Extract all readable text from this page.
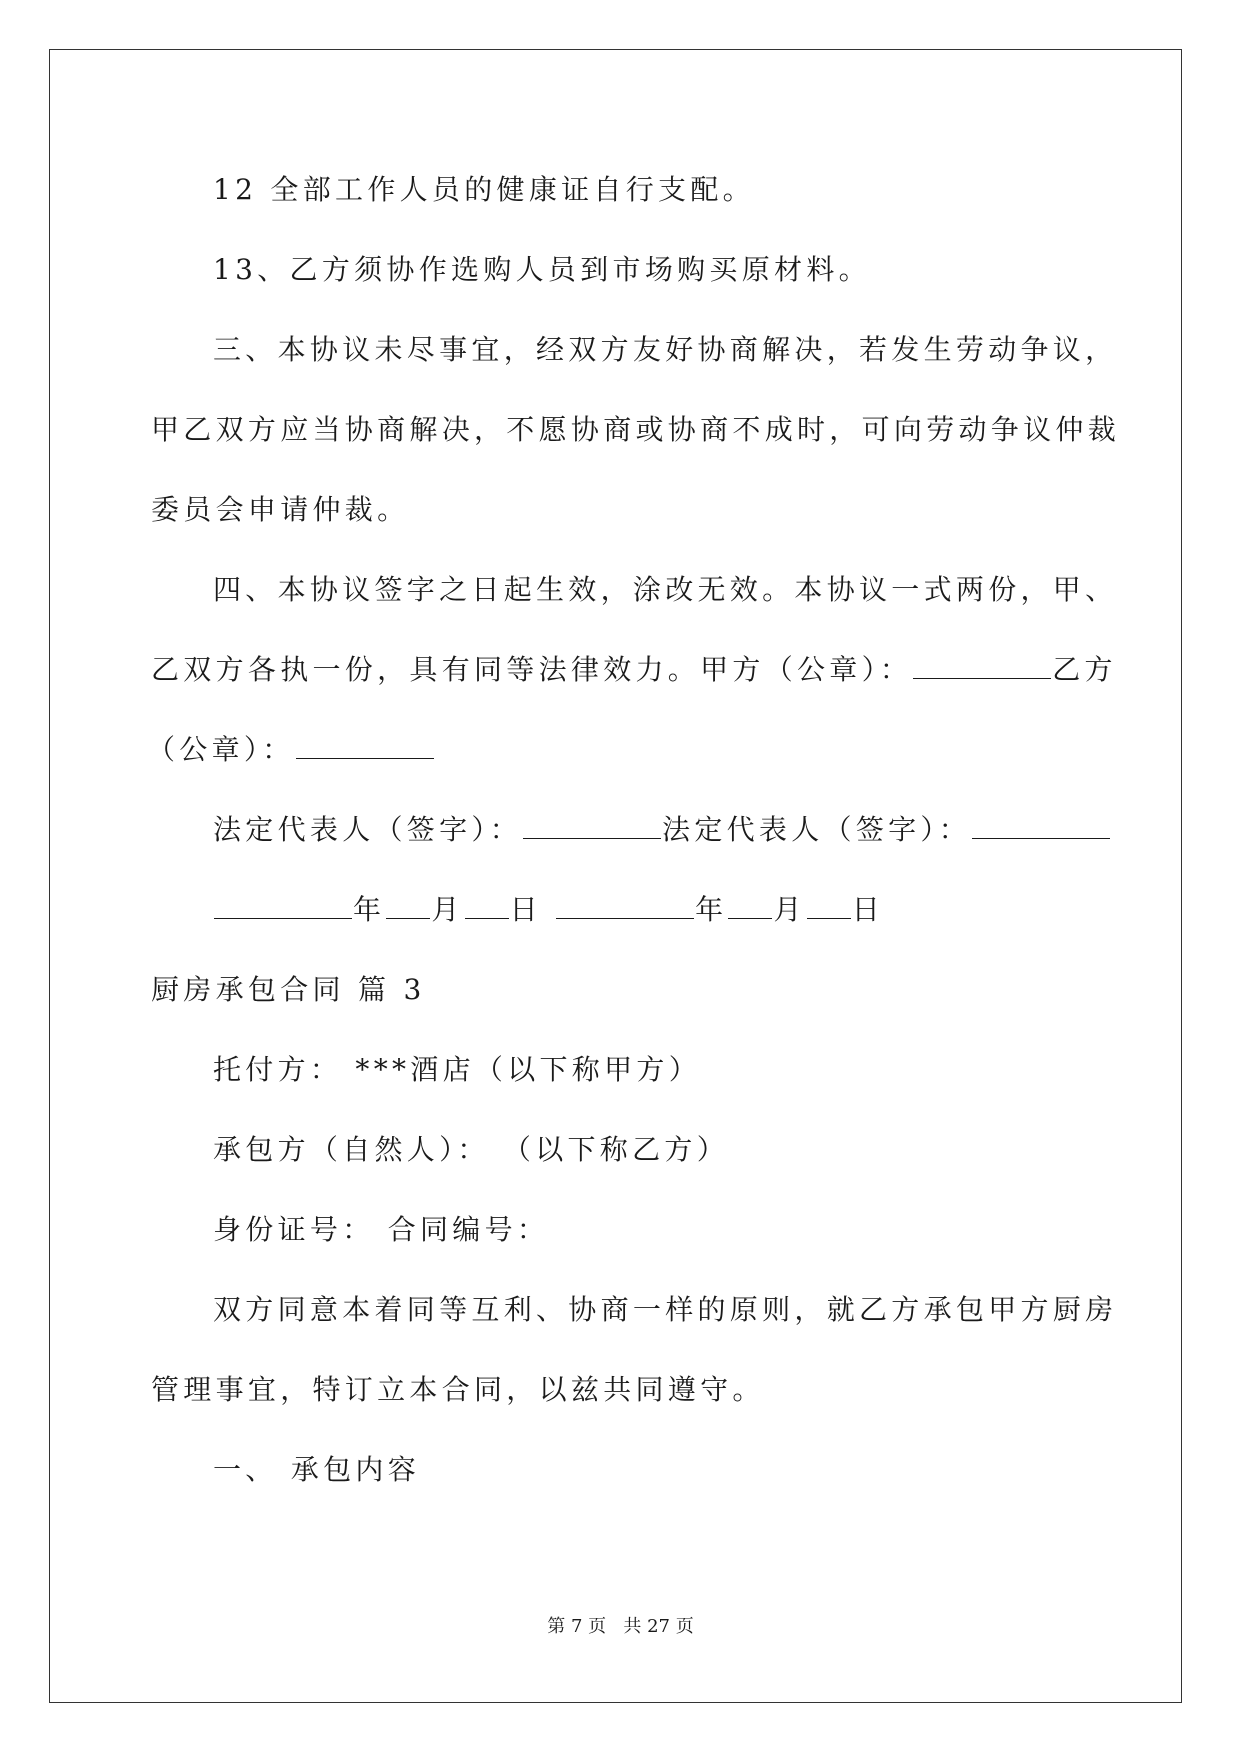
12 全部工作人员的健康证自行支配。
13、乙方须协作选购人员到市场购买原材料。
三、本协议未尽事宜，经双方友好协商解决，若发生劳动争议，
甲乙双方应当协商解决，不愿协商或协商不成时，可向劳动争议仲裁
委员会申请仲裁。
四、本协议签字之日起生效，涂改无效。本协议一式两份，甲、
乙双方各执一份，具有同等法律效力。甲方（公章）：	乙方
（公章）：
法定代表人（签字）：	法定代表人（签字）：
年 月 日	年 月 日
厨房承包合同 篇 3
托付方： ***酒店（以下称甲方）
承包方（自然人）： （以下称乙方）
身份证号： 合同编号：
双方同意本着同等互利、协商一样的原则，就乙方承包甲方厨房
管理事宜，特订立本合同，以兹共同遵守。
一、 承包内容
第 7 页 共 27 页
